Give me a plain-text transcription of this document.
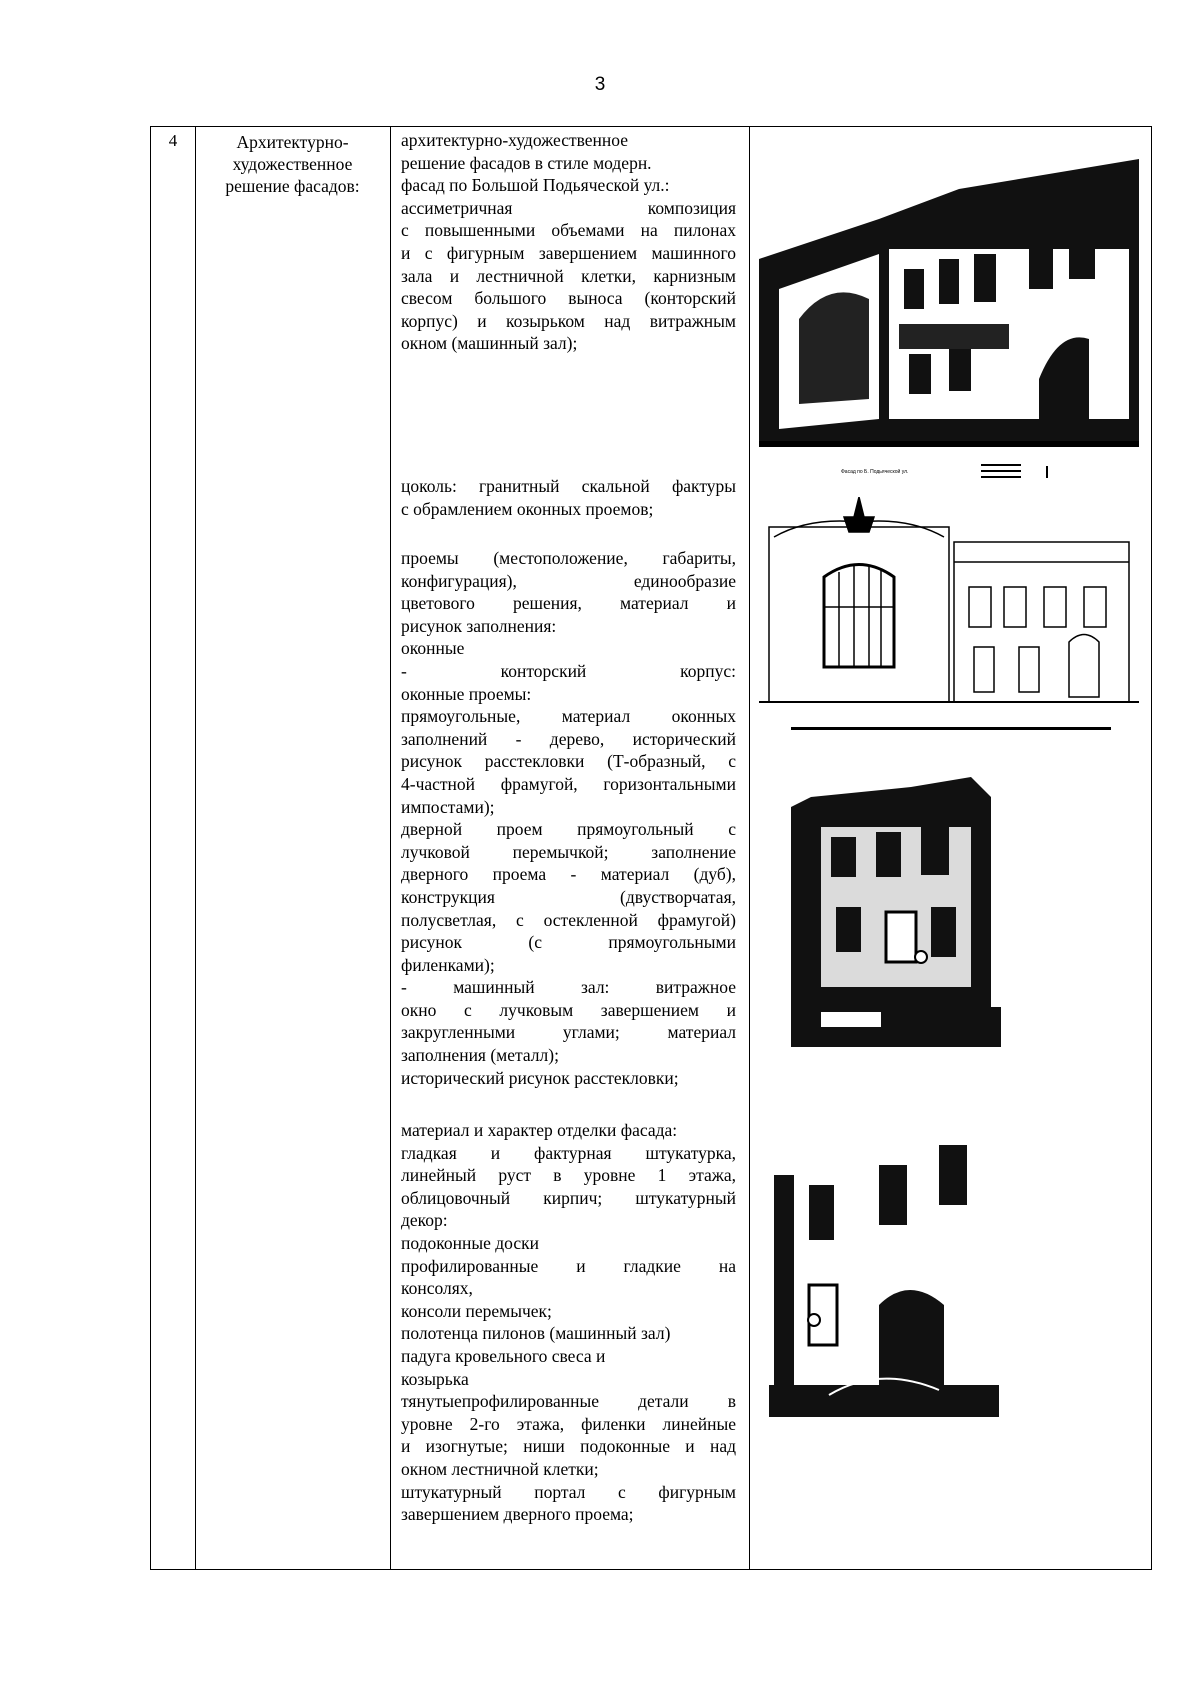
3
4	Архитектурно-
художественное
решение фасадов:

архитектурно-художественное

решение фасадов в стиле модерн.

фасад по Большой Подьяческой ул.:

ассиметричная композиция

с повышенными объемами на пилонах

и с фигурным завершением машинного

зала и лестничной клетки, карнизным

свесом большого выноса (конторский

корпус) и козырьком над витражным

окном (машинный зал);

цоколь: гранитный скальной фактуры

с обрамлением оконных проемов;

проемы (местоположение, габариты,

конфигурация), единообразие

цветового решения, материал и

рисунок заполнения:

оконные

- конторский корпус:

оконные проемы:

прямоугольные, материал оконных

заполнений - дерево, исторический

рисунок расстекловки (Т-образный, с

4-частной фрамугой, горизонтальными

импостами);

дверной проем прямоугольный с

лучковой перемычкой; заполнение

дверного проема - материал (дуб),

конструкция (двустворчатая,

полусветлая, с остекленной фрамугой)

рисунок (с прямоугольными

филенками);

- машинный зал: витражное

окно с лучковым завершением и

закругленными углами; материал

заполнения (металл);

исторический рисунок расстекловки;

материал и характер отделки фасада:

гладкая и фактурная штукатурка,

линейный руст в уровне 1 этажа,

облицовочный кирпич; штукатурный

декор:

подоконные доски

профилированные и гладкие на

консолях,

консоли перемычек;

полотенца пилонов (машинный зал)

падуга кровельного свеса и

козырька

тянутыепрофилированные детали в

уровне 2-го этажа, филенки линейные

и изогнутые; ниши подоконные и над

окном лестничной клетки;

штукатурный портал с фигурным

завершением дверного проема;

Фасад по Б. Подьяческой ул.
